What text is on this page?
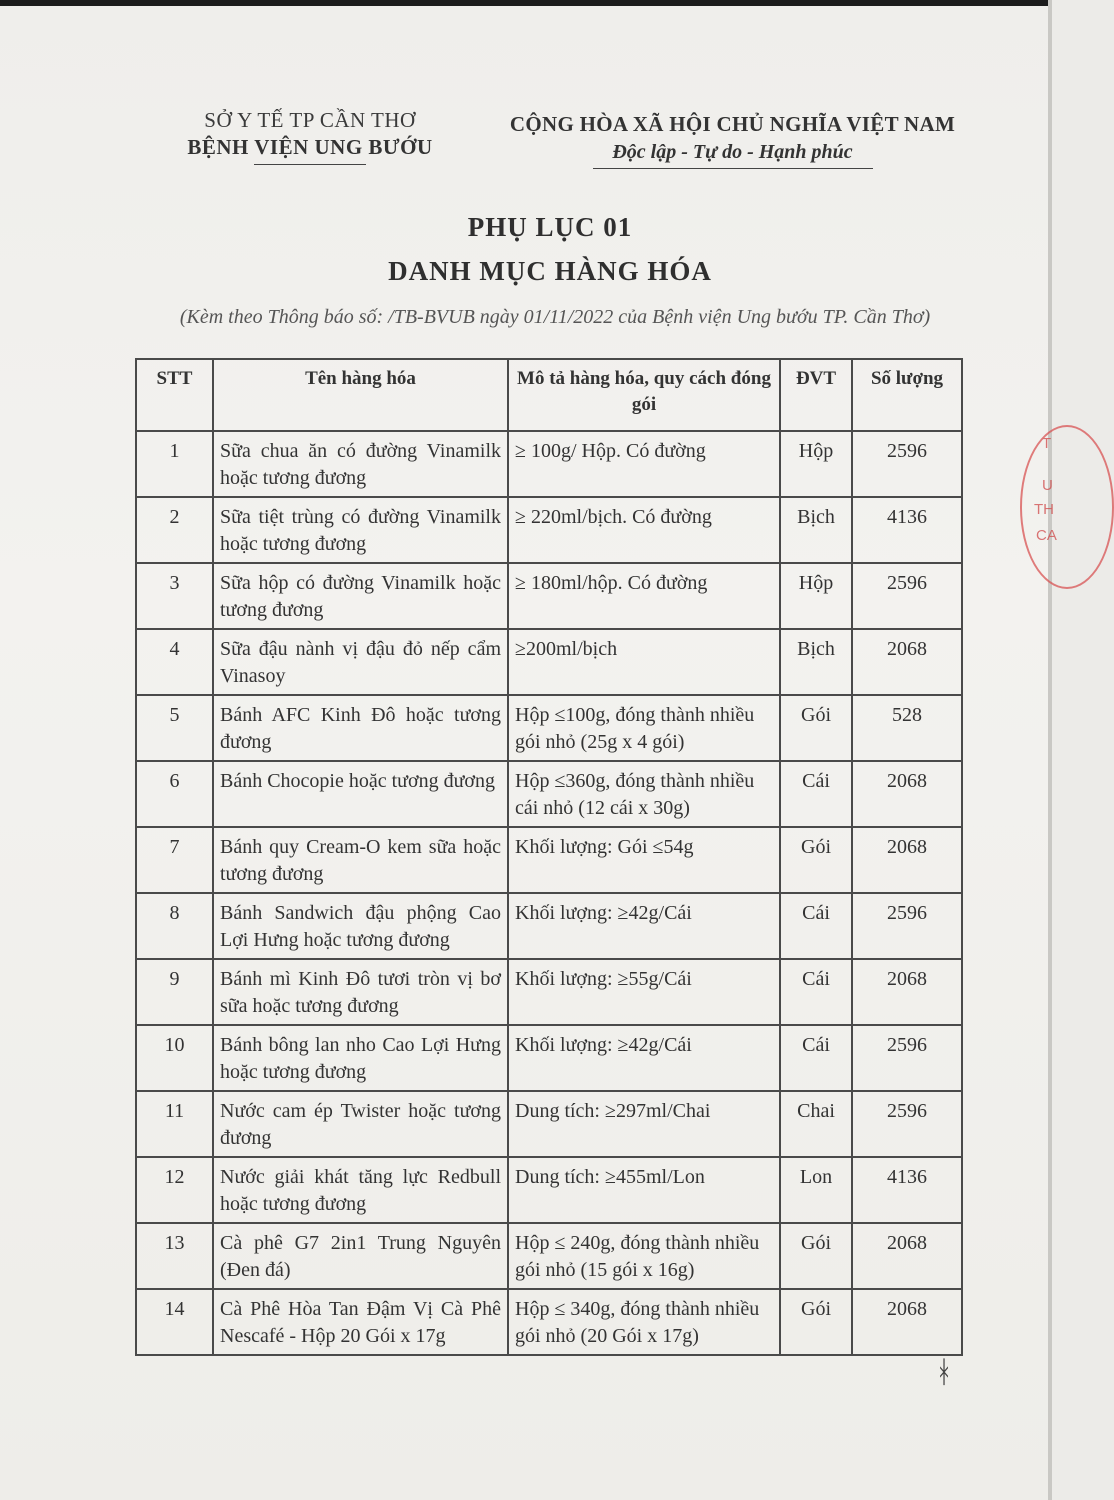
SỞ Y TẾ TP CẦN THƠ
BỆNH VIỆN UNG BƯỚU
CỘNG HÒA XÃ HỘI CHỦ NGHĨA VIỆT NAM
Độc lập - Tự do - Hạnh phúc
PHỤ LỤC 01
DANH MỤC HÀNG HÓA
(Kèm theo Thông báo số: /TB-BVUB ngày 01/11/2022 của Bệnh viện Ung bướu TP. Cần Thơ)
STT	Tên hàng hóa	Mô tả hàng hóa, quy cách đóng gói	ĐVT	Số lượng
1	Sữa chua ăn có đường Vinamilk hoặc tương đương	≥ 100g/ Hộp. Có đường	Hộp	2596
2	Sữa tiệt trùng có đường Vinamilk hoặc tương đương	≥ 220ml/bịch. Có đường	Bịch	4136
3	Sữa hộp có đường Vinamilk hoặc tương đương	≥ 180ml/hộp. Có đường	Hộp	2596
4	Sữa đậu nành vị đậu đỏ nếp cẩm Vinasoy	≥200ml/bịch	Bịch	2068
5	Bánh AFC Kinh Đô hoặc tương đương	Hộp ≤100g, đóng thành nhiều gói nhỏ (25g x 4 gói)	Gói	528
6	Bánh Chocopie hoặc tương đương	Hộp ≤360g, đóng thành nhiều cái nhỏ (12 cái x 30g)	Cái	2068
7	Bánh quy Cream-O kem sữa hoặc tương đương	Khối lượng: Gói ≤54g	Gói	2068
8	Bánh Sandwich đậu phộng Cao Lợi Hưng hoặc tương đương	Khối lượng: ≥42g/Cái	Cái	2596
9	Bánh mì Kinh Đô tươi tròn vị bơ sữa hoặc tương đương	Khối lượng: ≥55g/Cái	Cái	2068
10	Bánh bông lan nho Cao Lợi Hưng hoặc tương đương	Khối lượng: ≥42g/Cái	Cái	2596
11	Nước cam ép Twister hoặc tương đương	Dung tích: ≥297ml/Chai	Chai	2596
12	Nước giải khát tăng lực Redbull hoặc tương đương	Dung tích: ≥455ml/Lon	Lon	4136
13	Cà phê G7 2in1 Trung Nguyên (Đen đá)	Hộp ≤ 240g, đóng thành nhiều gói nhỏ (15 gói x 16g)	Gói	2068
14	Cà Phê Hòa Tan Đậm Vị Cà Phê Nescafé - Hộp 20 Gói x 17g	Hộp ≤ 340g, đóng thành nhiều gói nhỏ (20 Gói x 17g)	Gói	2068
T
U
TH
CA
ᚼ
